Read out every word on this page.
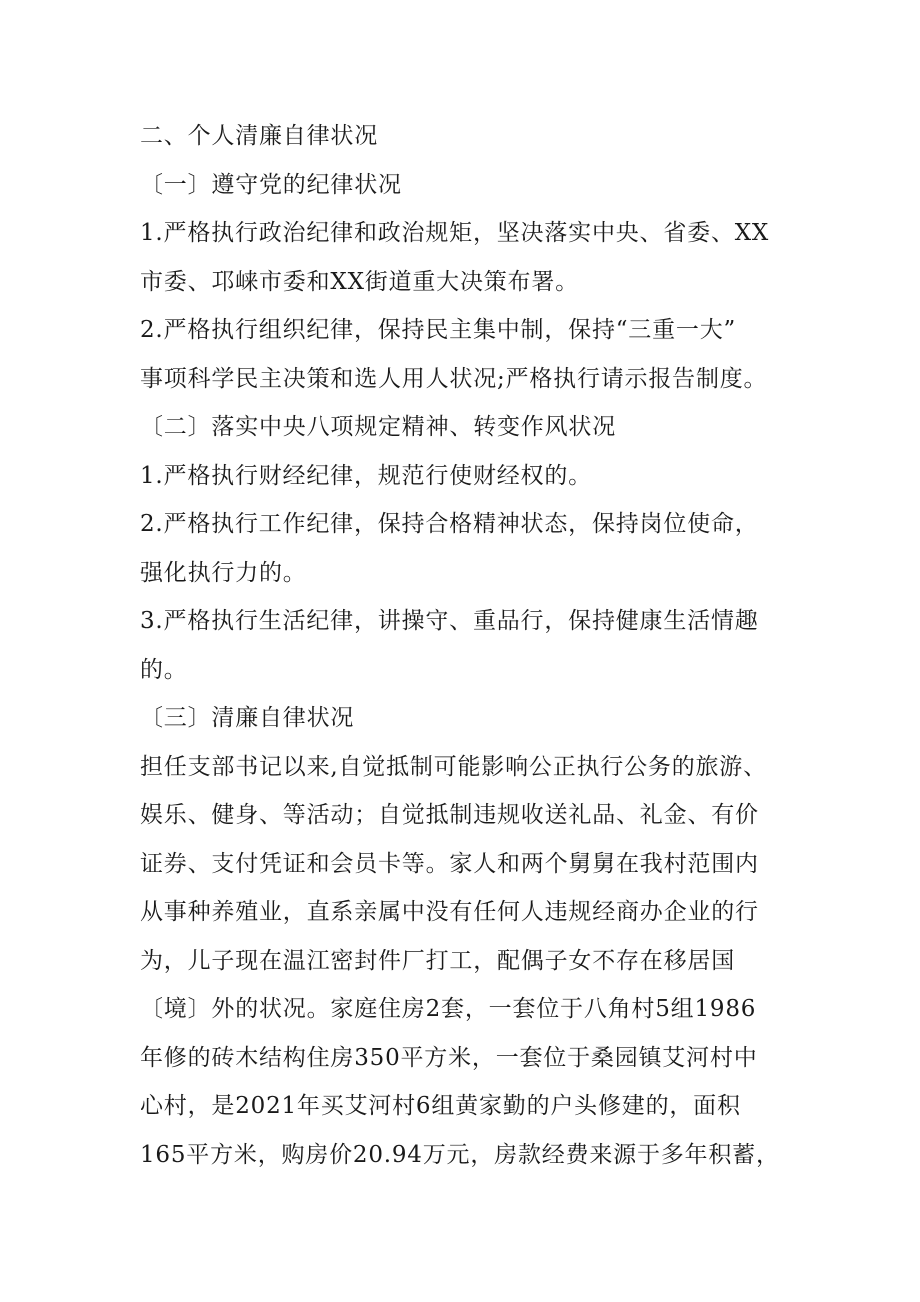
二、个人清廉自律状况

〔一〕遵守党的纪律状况

1.严格执行政治纪律和政治规矩，坚决落实中央、省委、XX

市委、邛崃市委和XX街道重大决策布署。

2.严格执行组织纪律，保持民主集中制，保持“三重一大”

事项科学民主决策和选人用人状况;严格执行请示报告制度。

〔二〕落实中央八项规定精神、转变作风状况

1.严格执行财经纪律，规范行使财经权的。

2.严格执行工作纪律，保持合格精神状态，保持岗位使命，

强化执行力的。

3.严格执行生活纪律，讲操守、重品行，保持健康生活情趣

的。

〔三〕清廉自律状况

担任支部书记以来,自觉抵制可能影响公正执行公务的旅游、

娱乐、健身、等活动；自觉抵制违规收送礼品、礼金、有价

证券、支付凭证和会员卡等。家人和两个舅舅在我村范围内

从事种养殖业，直系亲属中没有任何人违规经商办企业的行

为，儿子现在温江密封件厂打工，配偶子女不存在移居国

〔境〕外的状况。家庭住房2套，一套位于八角村5组1986

年修的砖木结构住房350平方米，一套位于桑园镇艾河村中

心村，是2021年买艾河村6组黄家勤的户头修建的，面积

165平方米，购房价20.94万元，房款经费来源于多年积蓄，
